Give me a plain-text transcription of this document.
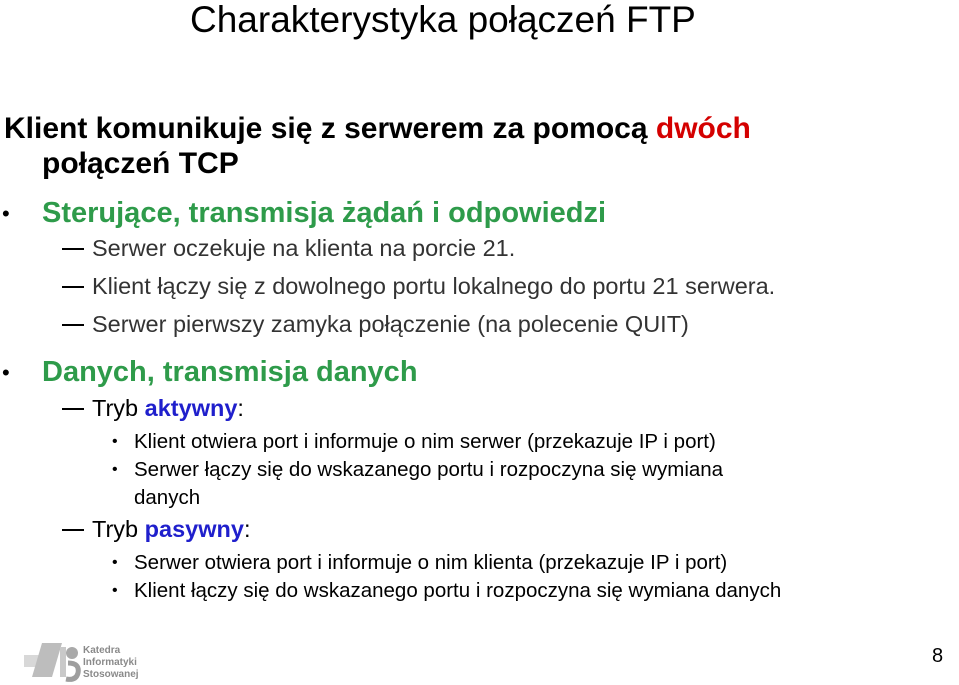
Charakterystyka połączeń FTP
Klient komunikuje się z serwerem za pomocą dwóch
połączeń TCP
• Sterujące, transmisja żądań i odpowiedzi
Serwer oczekuje na klienta na porcie 21.
Klient łączy się z dowolnego portu lokalnego do portu 21 serwera.
Serwer pierwszy zamyka połączenie (na polecenie QUIT)
• Danych, transmisja danych
Tryb aktywny:
• Klient otwiera port i informuje o nim serwer (przekazuje IP i port)
• Serwer łączy się do wskazanego portu i rozpoczyna się wymiana
danych
Tryb pasywny:
• Serwer otwiera port i informuje o nim klienta (przekazuje IP i port)
• Klient łączy się do wskazanego portu i rozpoczyna się wymiana danych
Katedra
Informatyki
Stosowanej
8
